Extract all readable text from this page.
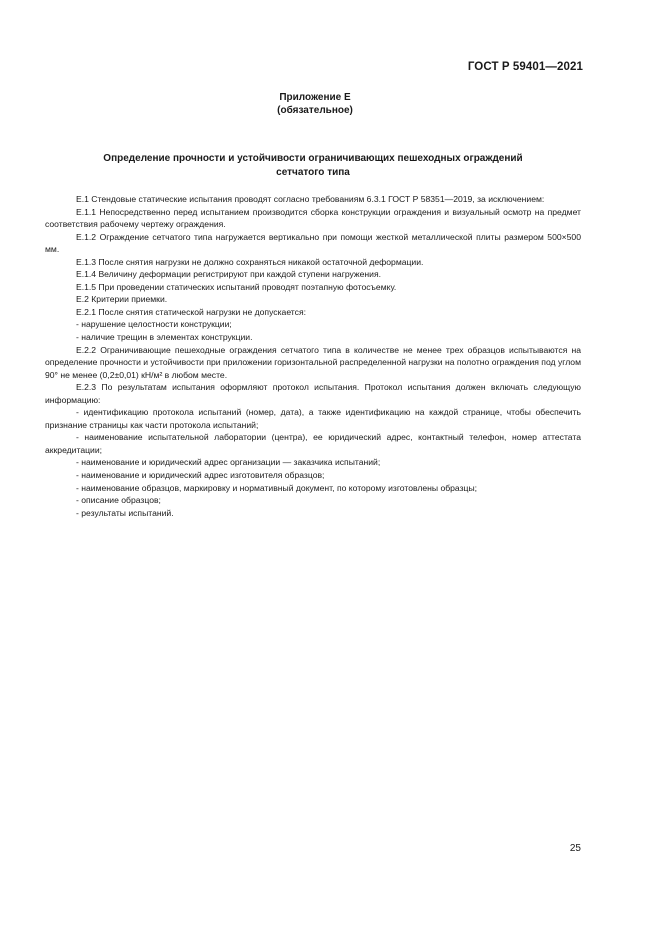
ГОСТ Р 59401—2021
Приложение Е
(обязательное)
Определение прочности и устойчивости ограничивающих пешеходных ограждений
сетчатого типа

Е.1 Стендовые статические испытания проводят согласно требованиям 6.3.1 ГОСТ Р 58351—2019, за исключением:

Е.1.1 Непосредственно перед испытанием производится сборка конструкции ограждения и визуальный осмотр на предмет соответствия рабочему чертежу ограждения.

Е.1.2 Ограждение сетчатого типа нагружается вертикально при помощи жесткой металлической плиты размером 500×500 мм.

Е.1.3 После снятия нагрузки не должно сохраняться никакой остаточной деформации.

Е.1.4 Величину деформации регистрируют при каждой ступени нагружения.

Е.1.5 При проведении статических испытаний проводят поэтапную фотосъемку.

Е.2 Критерии приемки.

Е.2.1 После снятия статической нагрузки не допускается:

- нарушение целостности конструкции;

- наличие трещин в элементах конструкции.

Е.2.2 Ограничивающие пешеходные ограждения сетчатого типа в количестве не менее трех образцов испытываются на определение прочности и устойчивости при приложении горизонтальной распределенной нагрузки на полотно ограждения под углом 90° не менее (0,2±0,01) кН/м² в любом месте.

Е.2.3 По результатам испытания оформляют протокол испытания. Протокол испытания должен включать следующую информацию:

- идентификацию протокола испытаний (номер, дата), а также идентификацию на каждой странице, чтобы обеспечить признание страницы как части протокола испытаний;

- наименование испытательной лаборатории (центра), ее юридический адрес, контактный телефон, номер аттестата аккредитации;

- наименование и юридический адрес организации — заказчика испытаний;

- наименование и юридический адрес изготовителя образцов;

- наименование образцов, маркировку и нормативный документ, по которому изготовлены образцы;

- описание образцов;

- результаты испытаний.

25
